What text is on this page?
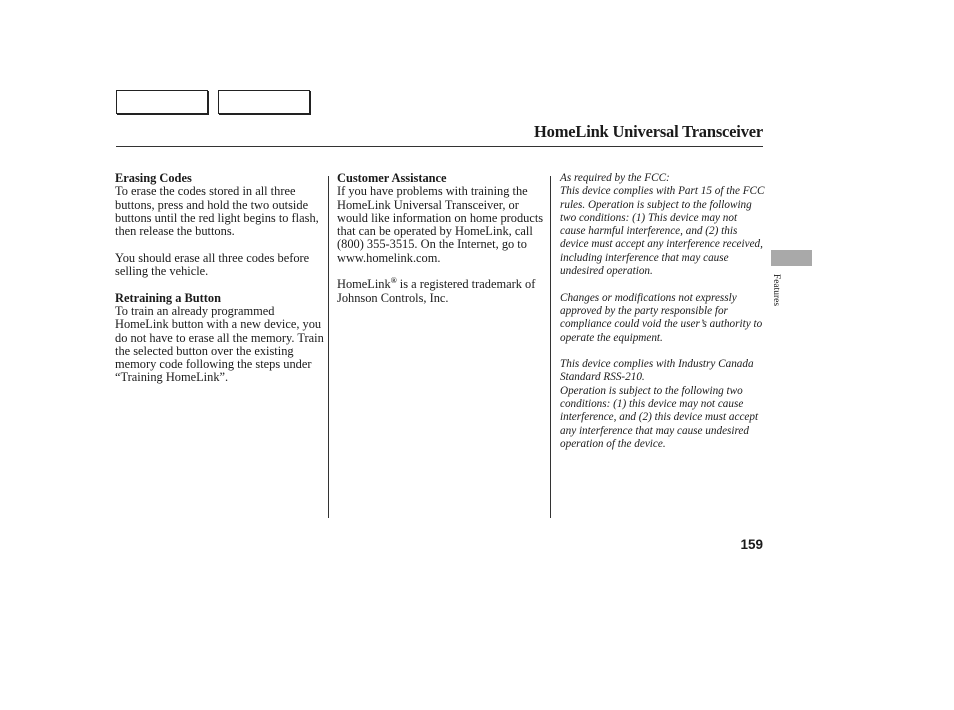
HomeLink Universal Transceiver
Erasing Codes

To erase the codes stored in all three buttons, press and hold the two outside buttons until the red light begins to flash, then release the buttons.

You should erase all three codes before selling the vehicle.

Retraining a Button

To train an already programmed HomeLink button with a new device, you do not have to erase all the memory. Train the selected button over the existing memory code following the steps under “Training HomeLink”.

Customer Assistance

If you have problems with training the HomeLink Universal Transceiver, or would like information on home products that can be operated by HomeLink, call (800) 355-3515. On the Internet, go to www.homelink.com.

HomeLink® is a registered trademark of Johnson Controls, Inc.

As required by the FCC:

This device complies with Part 15 of the FCC rules. Operation is subject to the following two conditions: (1) This device may not cause harmful interference, and (2) this device must accept any interference received, including interference that may cause undesired operation.

Changes or modifications not expressly approved by the party responsible for compliance could void the user’s authority to operate the equipment.

This device complies with Industry Canada Standard RSS-210.

Operation is subject to the following two conditions: (1) this device may not cause interference, and (2) this device must accept any interference that may cause undesired operation of the device.

Features
159
